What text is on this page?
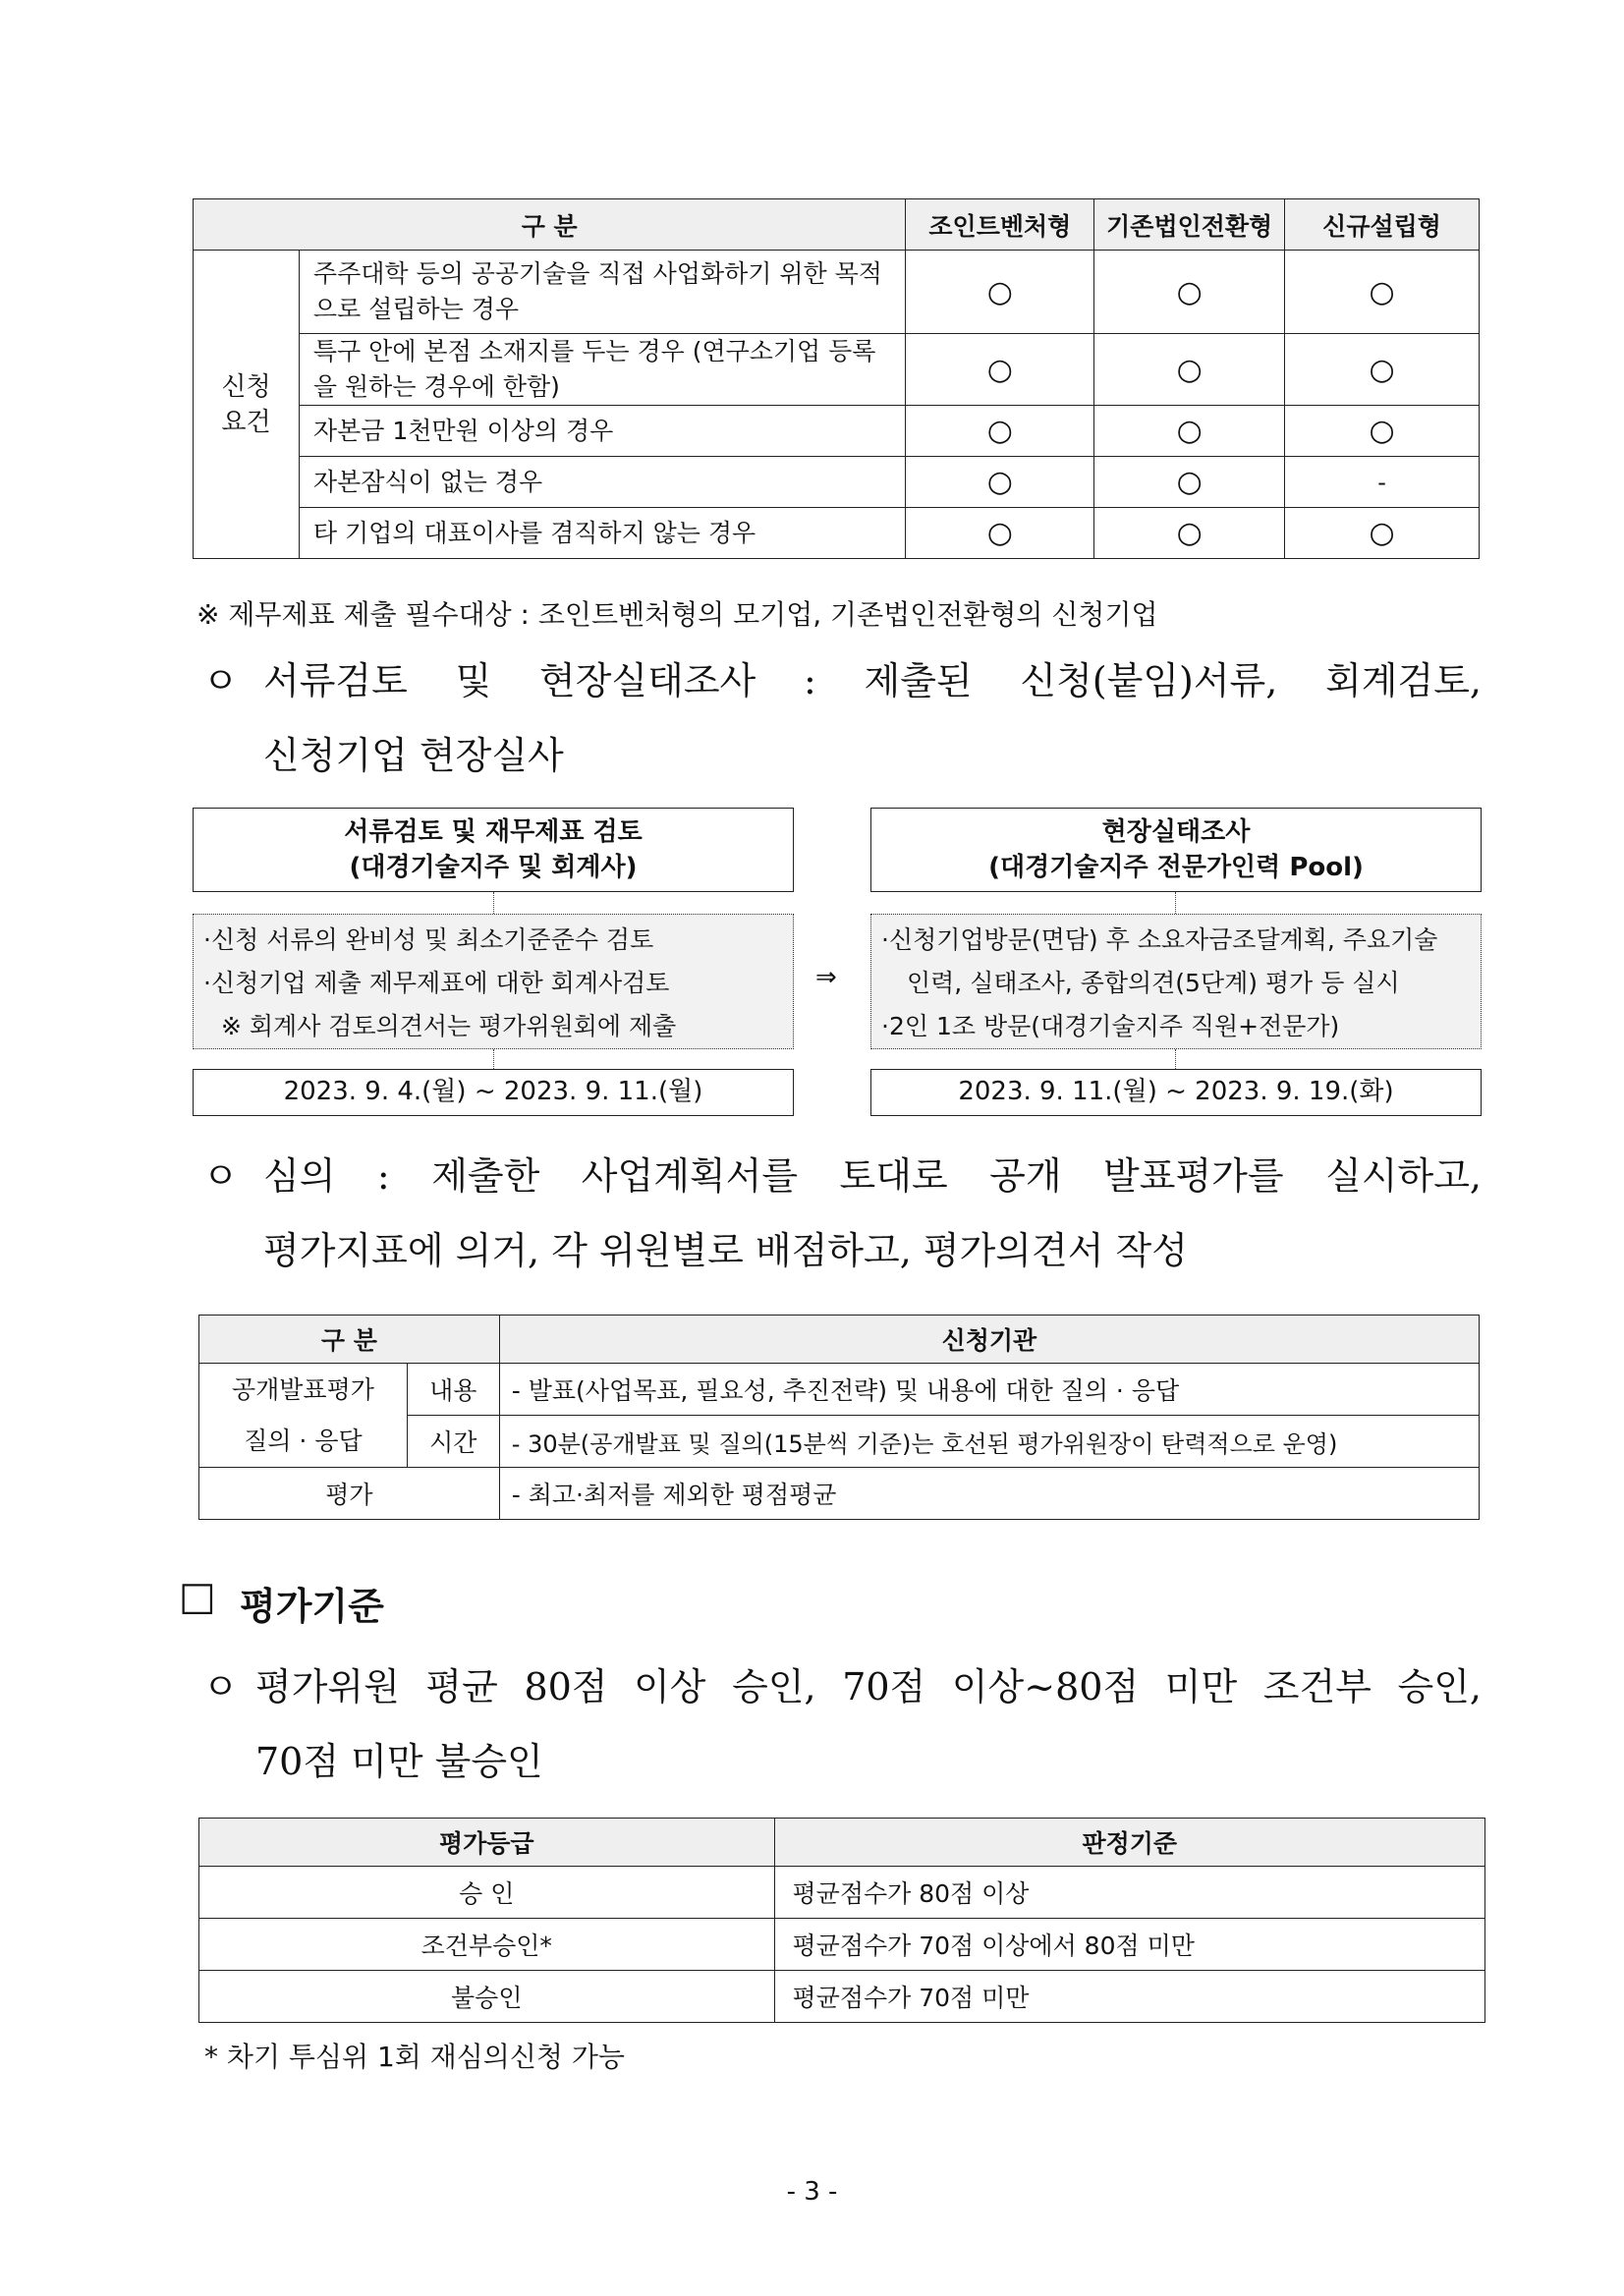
구 분		조인트벤처형	기존법인전환형	신규설립형
신청
요건	주주대학 등의 공공기술을 직접 사업화하기 위한 목적으로 설립하는 경우	○	○	○
	특구 안에 본점 소재지를 두는 경우 (연구소기업 등록을 원하는 경우에 한함)	○	○	○
	자본금 1천만원 이상의 경우	○	○	○
	자본잠식이 없는 경우	○	○	-
	타 기업의 대표이사를 겸직하지 않는 경우	○	○	○
※ 제무제표 제출 필수대상 : 조인트벤처형의 모기업, 기존법인전환형의 신청기업
ㅇ 서류검토 및 현장실태조사 : 제출된 신청(붙임)서류, 회계검토,
신청기업 현장실사
서류검토 및 재무제표 검토
(대경기술지주 및 회계사)
·신청 서류의 완비성 및 최소기준준수 검토
·신청기업 제출 제무제표에 대한 회계사검토
※ 회계사 검토의견서는 평가위원회에 제출
2023. 9. 4.(월) ~ 2023. 9. 11.(월)
⇒
현장실태조사
(대경기술지주 전문가인력 Pool)
·신청기업방문(면담) 후 소요자금조달계획, 주요기술
인력, 실태조사, 종합의견(5단계) 평가 등 실시
·2인 1조 방문(대경기술지주 직원+전문가)
2023. 9. 11.(월) ~ 2023. 9. 19.(화)
ㅇ 심의 : 제출한 사업계획서를 토대로 공개 발표평가를 실시하고,
평가지표에 의거, 각 위원별로 배점하고, 평가의견서 작성
구 분		신청기관

공개발표평가
질의 · 응답	내용	- 발표(사업목표, 필요성, 추진전략) 및 내용에 대한 질의 · 응답
	시간	- 30분(공개발표 및 질의(15분씩 기준)는 호선된 평가위원장이 탄력적으로 운영)
평가		- 최고·최저를 제외한 평점평균
□ 평가기준
ㅇ 평가위원 평균 80점 이상 승인, 70점 이상~80점 미만 조건부 승인,
70점 미만 불승인
평가등급	판정기준
승 인	평균점수가 80점 이상
조건부승인*	평균점수가 70점 이상에서 80점 미만
불승인	평균점수가 70점 미만
* 차기 투심위 1회 재심의신청 가능
- 3 -
